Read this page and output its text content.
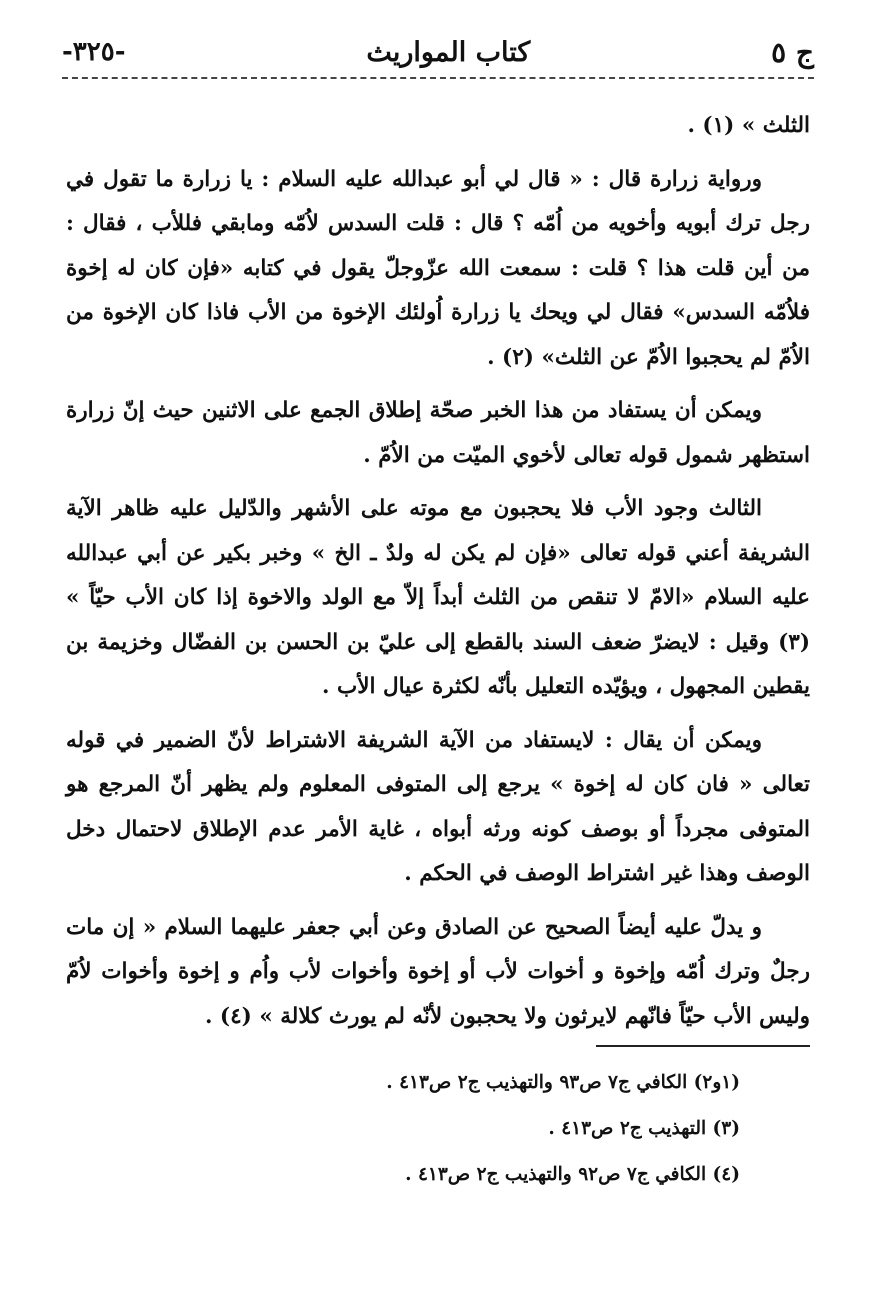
ج ٥
كتاب المواريث
-٣٢٥-

الثلث » (١) .

ورواية زرارة قال : « قال لي أبو عبدالله عليه السلام : يا زرارة ما تقول في رجل ترك أبويه وأخويه من اُمّه ؟ قال : قلت السدس لاُمّه ومابقي فللأب ، فقال : من أين قلت هذا ؟ قلت : سمعت الله عزّوجلّ يقول في كتابه «فإن كان له إخوة فلاُمّه السدس» فقال لي ويحك يا زرارة اُولئك الإخوة من الأب فاذا كان الإخوة من الاُمّ لم يحجبوا الاُمّ عن الثلث» (٢) .

ويمكن أن يستفاد من هذا الخبر صحّة إطلاق الجمع على الاثنين حيث إنّ زرارة استظهر شمول قوله تعالى لأخوي الميّت من الاُمّ .

الثالث وجود الأب فلا يحجبون مع موته على الأشهر والدّليل عليه ظاهر الآية الشريفة أعني قوله تعالى «فإن لم يكن له ولدٌ ـ الخ » وخبر بكير عن أبي عبدالله عليه السلام «الامّ لا تنقص من الثلث أبداً إلاّ مع الولد والاخوة إذا كان الأب حيّاً » (٣) وقيل : لايضرّ ضعف السند بالقطع إلى عليّ بن الحسن بن الفضّال وخزيمة بن يقطين المجهول ، ويؤيّده التعليل بأنّه لكثرة عيال الأب .

ويمكن أن يقال : لايستفاد من الآية الشريفة الاشتراط لأنّ الضمير في قوله تعالى « فان كان له إخوة » يرجع إلى المتوفى المعلوم ولم يظهر أنّ المرجع هو المتوفى مجرداً أو بوصف كونه ورثه أبواه ، غاية الأمر عدم الإطلاق لاحتمال دخل الوصف وهذا غير اشتراط الوصف في الحكم .

و يدلّ عليه أيضاً الصحيح عن الصادق وعن أبي جعفر عليهما السلام « إن مات رجلٌ وترك اُمّه وإخوة و أخوات لأب أو إخوة وأخوات لأب واُم و إخوة وأخوات لاُمّ وليس الأب حيّاً فانّهم لايرثون ولا يحجبون لأنّه لم يورث كلالة » (٤) .

(١و٢) الكافي ج٧ ص٩٣ والتهذيب ج٢ ص٤١٣ .

(٣) التهذيب ج٢ ص٤١٣ .

(٤) الكافي ج٧ ص٩٢ والتهذيب ج٢ ص٤١٣ .
